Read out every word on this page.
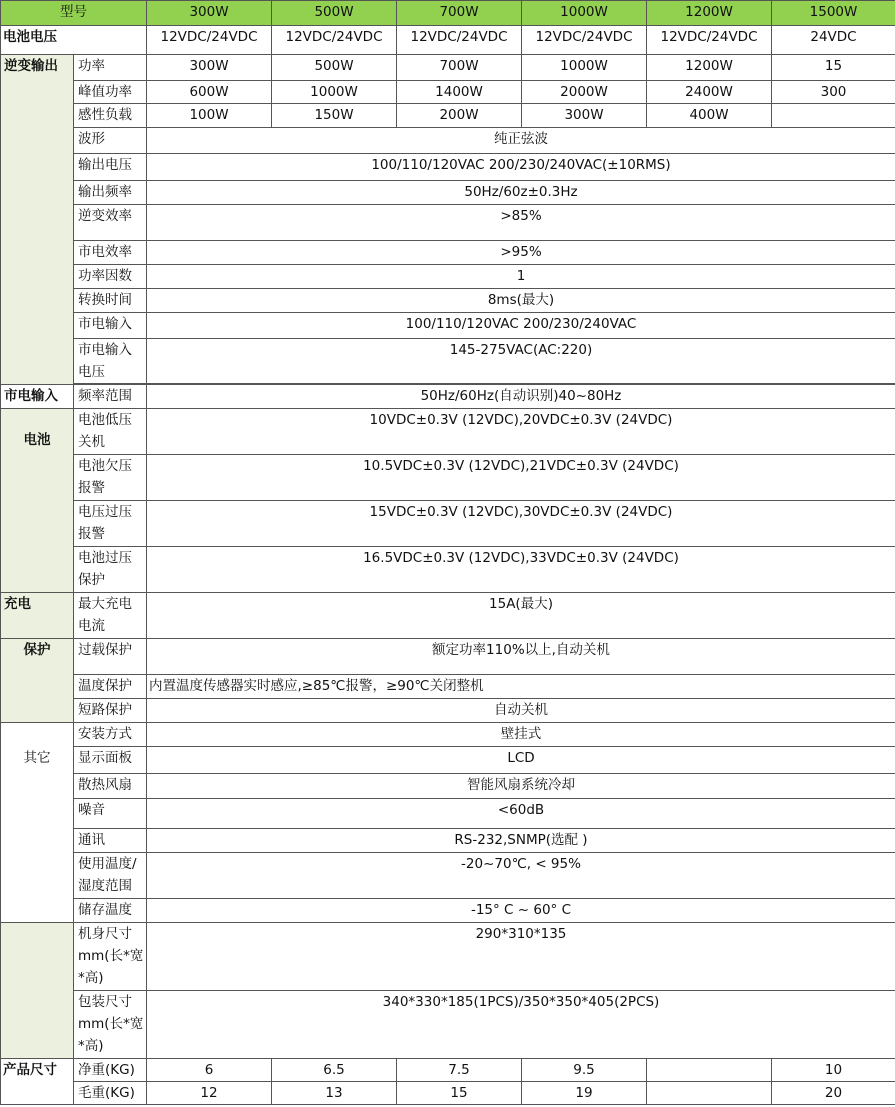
型号		300W	500W	700W	1000W	1200W	1500W
电池电压		12VDC/24VDC	12VDC/24VDC	12VDC/24VDC	12VDC/24VDC	12VDC/24VDC	24VDC
逆变输出	功率	300W	500W	700W	1000W	1200W	15
	峰值功率	600W	1000W	1400W	2000W	2400W	300
	感性负载	100W	150W	200W	300W	400W	
	波形	纯正弦波					
	输出电压	100/110/120VAC 200/230/240VAC(±10RMS)					
	输出频率	50Hz/60z±0.3Hz					
	逆变效率	>85%					
	市电效率	>95%					
	功率因数	1					
	转换时间	8ms(最大)					
	市电输入	100/110/120VAC 200/230/240VAC					
	市电输入电压	145-275VAC(AC:220)					

市电输入	频率范围	50Hz/60Hz(自动识别)40~80Hz					
电池	电池低压关机	10VDC±0.3V (12VDC),20VDC±0.3V (24VDC)					
	电池欠压报警	10.5VDC±0.3V (12VDC),21VDC±0.3V (24VDC)					
	电压过压报警	15VDC±0.3V (12VDC),30VDC±0.3V (24VDC)					
	电池过压保护	16.5VDC±0.3V (12VDC),33VDC±0.3V (24VDC)					
充电	最大充电电流	15A(最大)					
保护	过载保护	额定功率110%以上,自动关机					
	温度保护	内置温度传感器实时感应,≥85℃报警，≥90℃关闭整机					
	短路保护	自动关机					
	安装方式	壁挂式					
其它	显示面板	LCD					
	散热风扇	智能风扇系统冷却					
	噪音	<60dB					
	通讯	RS-232,SNMP(选配 )					
	使用温度/湿度范围	-20~70℃, < 95%					
	储存温度	-15° C ~ 60° C					
	机身尺寸mm(长*宽*高)	290*310*135					
	包装尺寸mm(长*宽*高)	340*330*185(1PCS)/350*350*405(2PCS)					
产品尺寸	净重(KG)	6	6.5	7.5	9.5		10
	毛重(KG)	12	13	15	19		20
